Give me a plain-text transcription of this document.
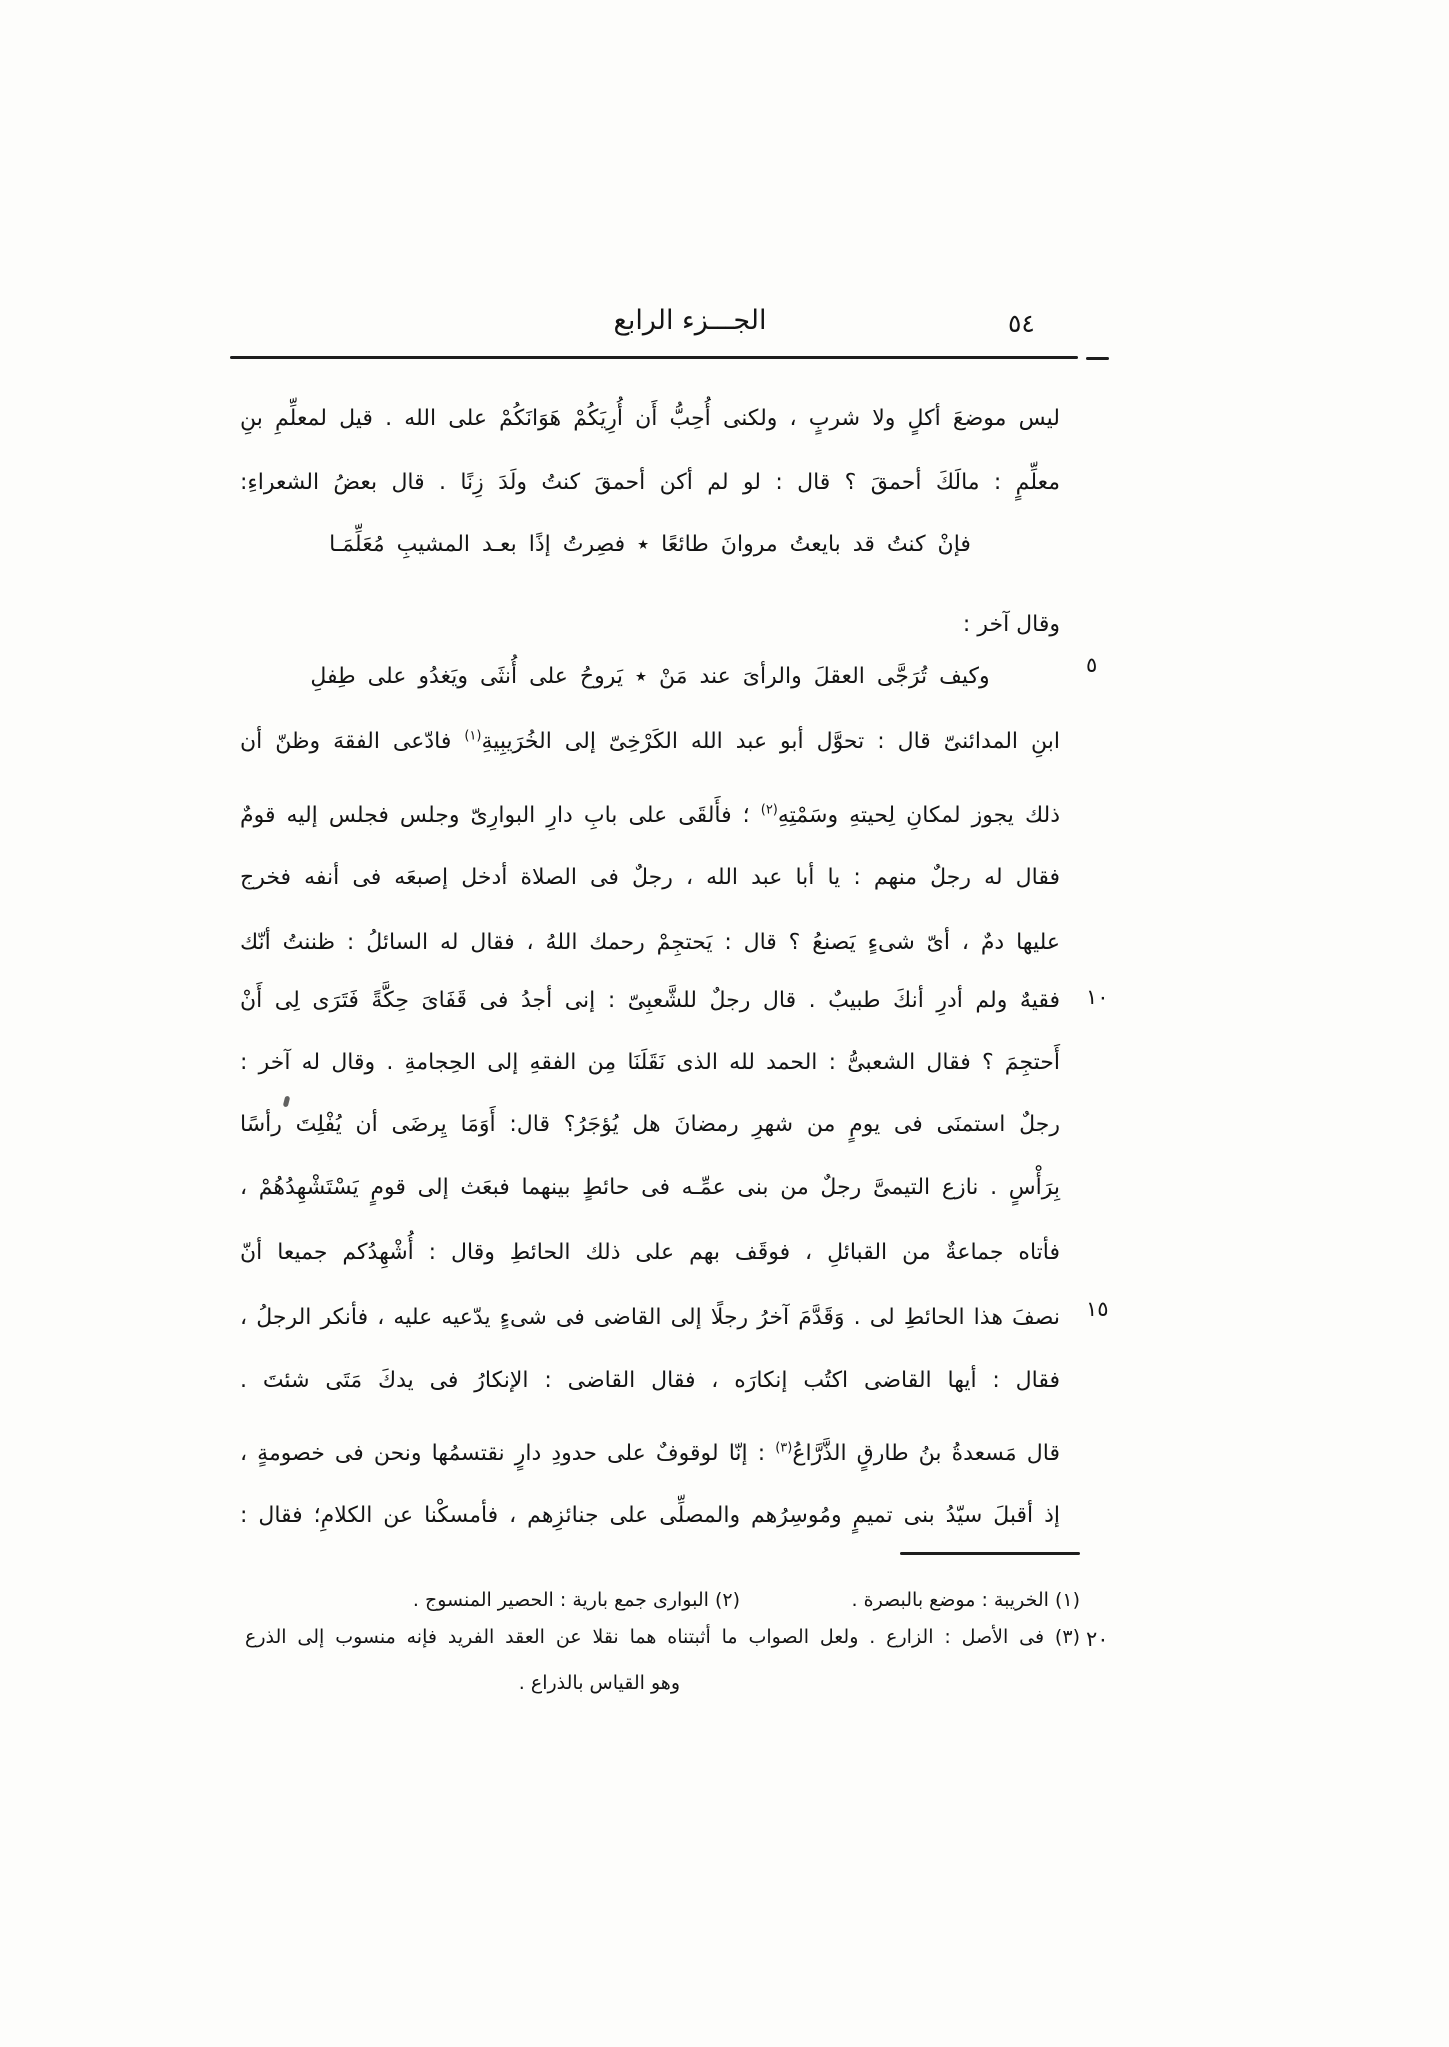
الجـــزء الرابع	٥٤
ليس موضعَ أكلٍ ولا شربٍ ، ولكنى أُحِبُّ أَن أُرِيَكُمْ هَوَانَكُمْ على الله . قيل لمعلِّمِ بنِ
معلِّمٍ : مالَكَ أحمقَ ؟ قال : لو لم أكن أحمقَ كنتُ ولَدَ زِنًا . قال بعضُ الشعراءِ:
فإنْ كنتُ قد بايعتُ مروانَ طائعًا ٭ فصِرتُ إذًا بعـد المشيبِ مُعَلِّمَـا
وقال آخر :
وكيف تُرَجَّى العقلَ والرأىَ عند مَنْ ٭ يَروحُ على أُنثَى ويَغدُو على طِفلِ
ابنِ المدائنىّ قال : تحوَّل أبو عبد الله الكَرْخِىّ إلى الخُرَيبِيةِ$^{(١)}$ فادّعى الفقهَ وظنّ أن
ذلك يجوز لمكانِ لِحيتهِ وسَمْتِهِ$^{(٢)}$ ؛ فأَلقَى على بابِ دارِ البوارِىّ وجلس فجلس إليه قومٌ
فقال له رجلٌ منهم : يا أبا عبد الله ، رجلٌ فى الصلاة أدخل إصبعَه فى أنفه فخرج
عليها دمٌ ، أىّ شىءٍ يَصنعُ ؟ قال : يَحتجِمْ رحمك اللهُ ، فقال له السائلُ : ظننتُ أنّك
فقيهٌ ولم أدرِ أنكَ طبيبٌ . قال رجلٌ للشَّعبِىّ : إنى أجدُ فى قَفَاىَ حِكَّةً فَتَرَى لِى أَنْ
أَحتجِمَ ؟ فقال الشعبىُّ : الحمد لله الذى نَقَلَنَا مِن الفقهِ إلى الحِجامةِ . وقال له آخر :
رجلٌ استمنَى فى يومٍ من شهرِ رمضانَ هل يُؤجَرُ؟ قال: أَوَمَا يِرضَى أن يُفْلِتَ رأسًا
بِرَأْسٍ . نازع التيمىَّ رجلٌ من بنى عمِّـه فى حائطٍ بينهما فبعَث إلى قومٍ يَسْتَشْهِدُهُمْ ،
فأتاه جماعةٌ من القبائلِ ، فوقَف بهم على ذلك الحائطِ وقال : أُشْهِدُكم جميعا أنّ
نصفَ هذا الحائطِ لى . وَقَدَّمَ آخرُ رجلًا إلى القاضى فى شىءٍ يدّعيه عليه ، فأنكر الرجلُ ،
فقال : أيها القاضى اكتُب إنكارَه ، فقال القاضى : الإنكارُ فى يدكَ مَتَى شئتَ .
قال مَسعدةُ بنُ طارقٍ الذَّرَّاعُ$^{(٣)}$ : إنّا لوقوفٌ على حدودِ دارٍ نقتسمُها ونحن فى خصومةٍ ،
إذ أقبلَ سيّدُ بنى تميمٍ ومُوسِرُهم والمصلِّى على جنائزِهم ، فأمسكْنا عن الكلامِ؛ فقال :
٥
١٠
١٥
٢٠
(١) الخريبة : موضع بالبصرة .
(٢) البوارى جمع بارية : الحصير المنسوج .
(٣) فى الأصل : الزارع . ولعل الصواب ما أثبتناه هما نقلا عن العقد الفريد فإنه منسوب إلى الذرع
وهو القياس بالذراع .
